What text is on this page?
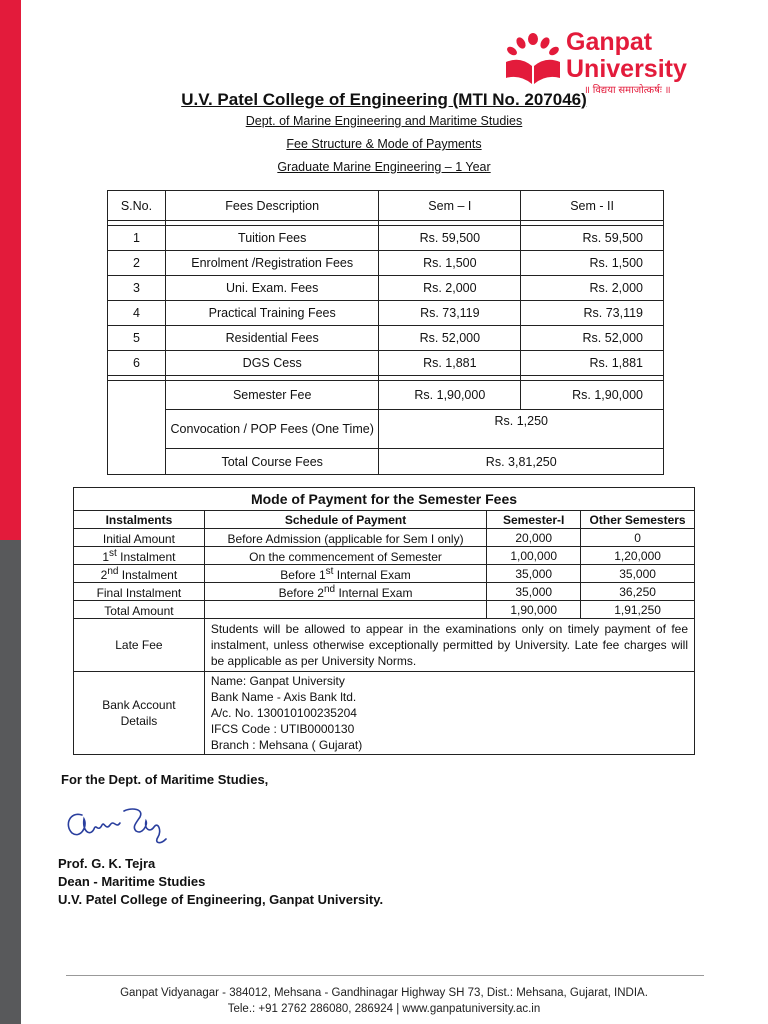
Ganpat
University
॥ विद्यया समाजोत्कर्षः ॥
U.V. Patel College of Engineering (MTI No. 207046)
Dept. of Marine Engineering and Maritime Studies
Fee Structure & Mode of Payments
Graduate Marine Engineering – 1 Year
S.No.	Fees Description	Sem – I	Sem - II

1	Tuition Fees	Rs. 59,500	Rs. 59,500
2	Enrolment /Registration Fees	Rs. 1,500	Rs. 1,500
3	Uni. Exam. Fees	Rs. 2,000	Rs. 2,000
4	Practical Training Fees	Rs. 73,119	Rs. 73,119
5	Residential Fees	Rs. 52,000	Rs. 52,000
6	DGS Cess	Rs. 1,881	Rs. 1,881

	Semester Fee	Rs. 1,90,000	Rs. 1,90,000
	Convocation / POP Fees (One Time)	Rs. 1,250	
	Total Course Fees	Rs. 3,81,250	
Mode of Payment for the Semester Fees			
Instalments	Schedule of Payment	Semester-I	Other Semesters
Initial Amount	Before Admission (applicable for Sem I only)	20,000	0
1st Instalment	On the commencement of Semester	1,00,000	1,20,000
2nd Instalment	Before 1st Internal Exam	35,000	35,000
Final Instalment	Before 2nd Internal Exam	35,000	36,250
Total Amount		1,90,000	1,91,250
Late Fee	Students will be allowed to appear in the examinations only on timely payment of fee instalment, unless otherwise exceptionally permitted by University. Late fee charges will be applicable as per University Norms.		
Bank Account Details	Name: Ganpat University
Bank Name - Axis Bank ltd.
A/c. No. 130010100235204
IFCS Code : UTIB0000130
Branch : Mehsana ( Gujarat)		
For the Dept. of Maritime Studies,
Prof. G. K. Tejra
Dean - Maritime Studies
U.V. Patel College of Engineering, Ganpat University.
Ganpat Vidyanagar - 384012, Mehsana - Gandhinagar Highway SH 73, Dist.: Mehsana, Gujarat, INDIA.
Tele.: +91 2762 286080, 286924 | www.ganpatuniversity.ac.in
